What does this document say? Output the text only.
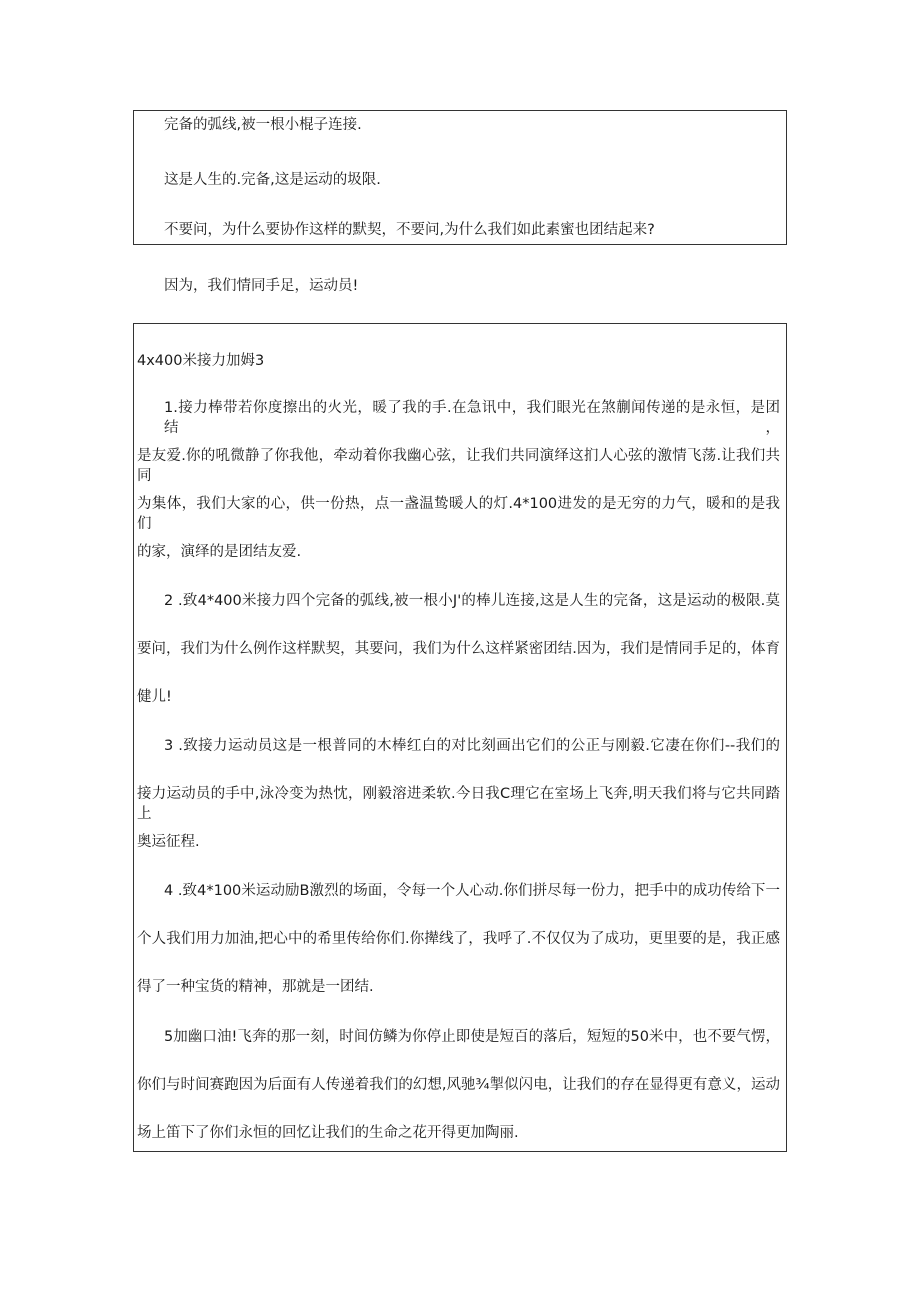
完备的弧线,被一根小棍子连接.
这是人生的.完备,这是运动的圾限.
不要问，为什么要协作这样的默契，不要问,为什么我们如此素蜜也团结起来?
因为，我们情同手足，运动员!
4x400米接力加姆3
1.接力棒带若你度擦出的火光，暖了我的手.在急讯中，我们眼光在煞蒯闻传递的是永恒，是团结，
是友爱.你的吼微静了你我他，牵动着你我幽心弦，让我们共同演绎这扪人心弦的激情飞荡.让我们共同
为集体，我们大家的心，供一份热，点一盏温鸷暖人的灯.4*100进发的是无穷的力气，暖和的是我们
的家，演绎的是团结友爱.
2 .致4*400米接力四个完备的弧线,被一根小J'的棒儿连接,这是人生的完备，这是运动的极限.莫
要问，我们为什么例作这样默契，其要问，我们为什么这样紧密团结.因为，我们是情同手足的，体育
健儿!
3 .致接力运动员这是一根普同的木棒红白的对比刻画出它们的公正与刚毅.它凄在你们--我们的
接力运动员的手中,泳冷变为热忱，刚毅溶进柔软.今日我C理它在室场上飞奔,明天我们将与它共同踏上
奥运征程.
4 .致4*100米运动励B激烈的场面，令每一个人心动.你们拼尽每一份力，把手中的成功传给下一
个人我们用力加油,把心中的希里传给你们.你撵线了，我呼了.不仅仅为了成功，更里要的是，我正感
得了一种宝货的精神，那就是一团结.
5加幽口油!飞奔的那一刻，时间仿鳞为你停止即使是短百的落后，短短的50米中，也不要气愣，
你们与时间赛跑因为后面有人传递着我们的幻想,风驰¾掣似闪电，让我们的存在显得更有意义，运动
场上笛下了你们永恒的回忆让我们的生命之花开得更加陶丽.
